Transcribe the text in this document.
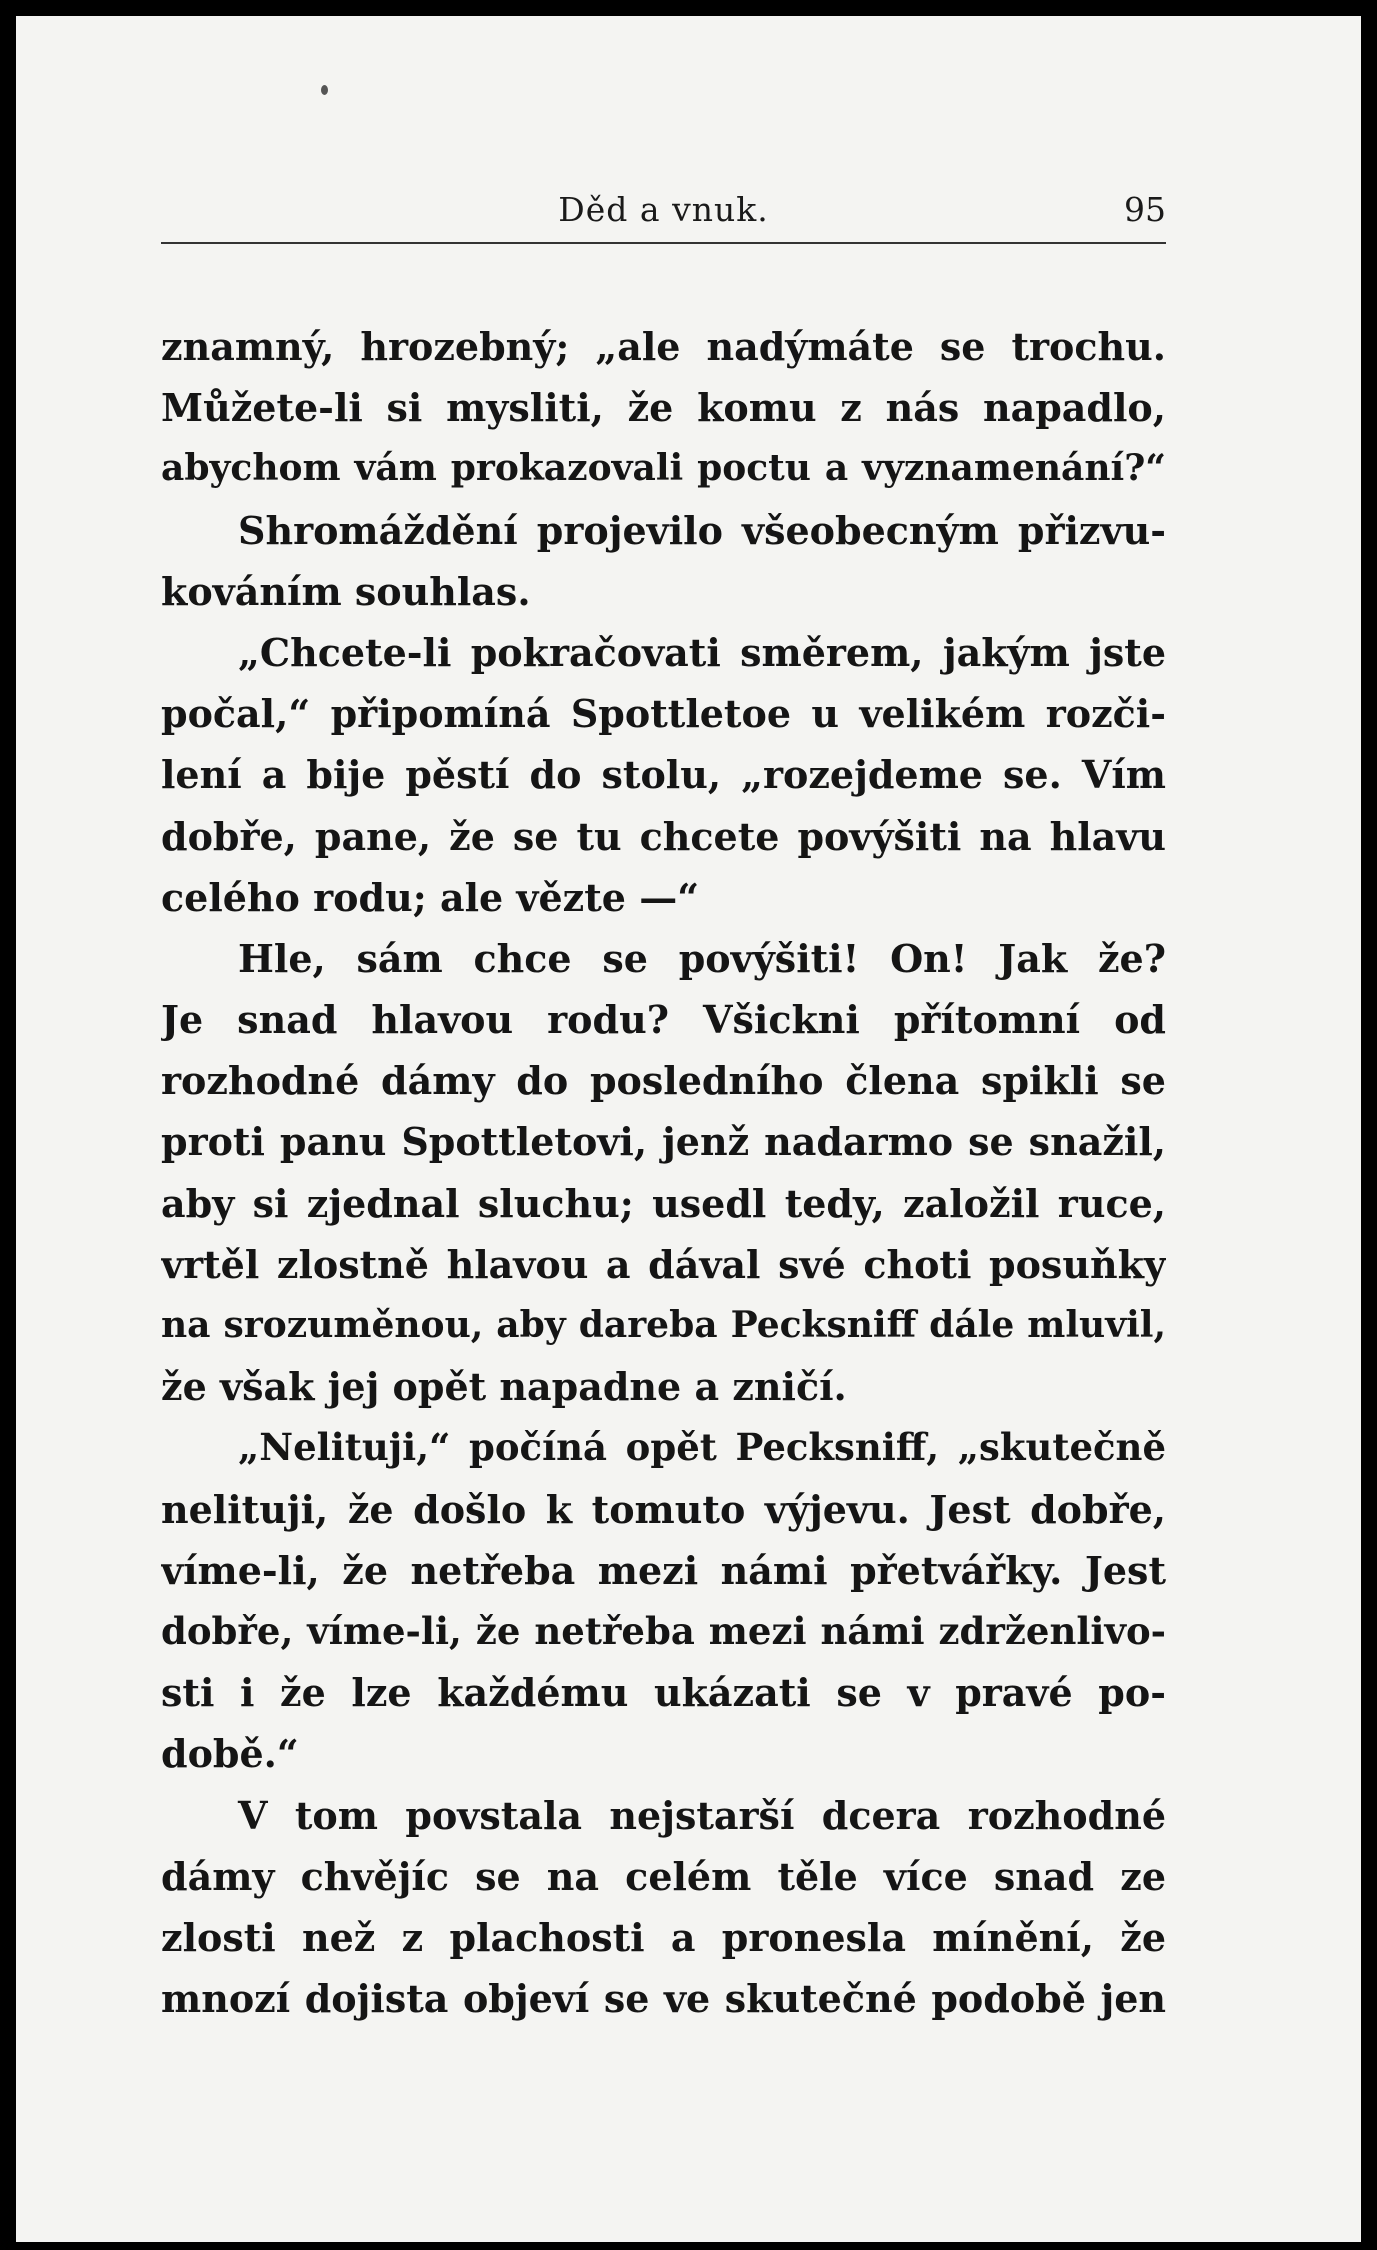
Děd a vnuk.	95
znamný, hrozebný; „ale nadýmáte se trochu.
Můžete-li si mysliti, že komu z nás napadlo,
abychom vám prokazovali poctu a vyznamenání?“
Shromáždění projevilo všeobecným přizvu-
kováním souhlas.
„Chcete-li pokračovati směrem, jakým jste
počal,“ připomíná Spottletoe u velikém rozči-
lení a bije pěstí do stolu, „rozejdeme se. Vím
dobře, pane, že se tu chcete povýšiti na hlavu
celého rodu; ale vězte —“
Hle, sám chce se povýšiti! On! Jak že?
Je snad hlavou rodu? Všickni přítomní od
rozhodné dámy do posledního člena spikli se
proti panu Spottletovi, jenž nadarmo se snažil,
aby si zjednal sluchu; usedl tedy, založil ruce,
vrtěl zlostně hlavou a dával své choti posuňky
na srozuměnou, aby dareba Pecksniff dále mluvil,
že však jej opět napadne a zničí.
„Nelituji,“ počíná opět Pecksniff, „skutečně
nelituji, že došlo k tomuto výjevu. Jest dobře,
víme-li, že netřeba mezi námi přetvářky. Jest
dobře, víme-li, že netřeba mezi námi zdrženlivo-
sti i že lze každému ukázati se v pravé po-
době.“
V tom povstala nejstarší dcera rozhodné
dámy chvějíc se na celém těle více snad ze
zlosti než z plachosti a pronesla mínění, že
mnozí dojista objeví se ve skutečné podobě jen
